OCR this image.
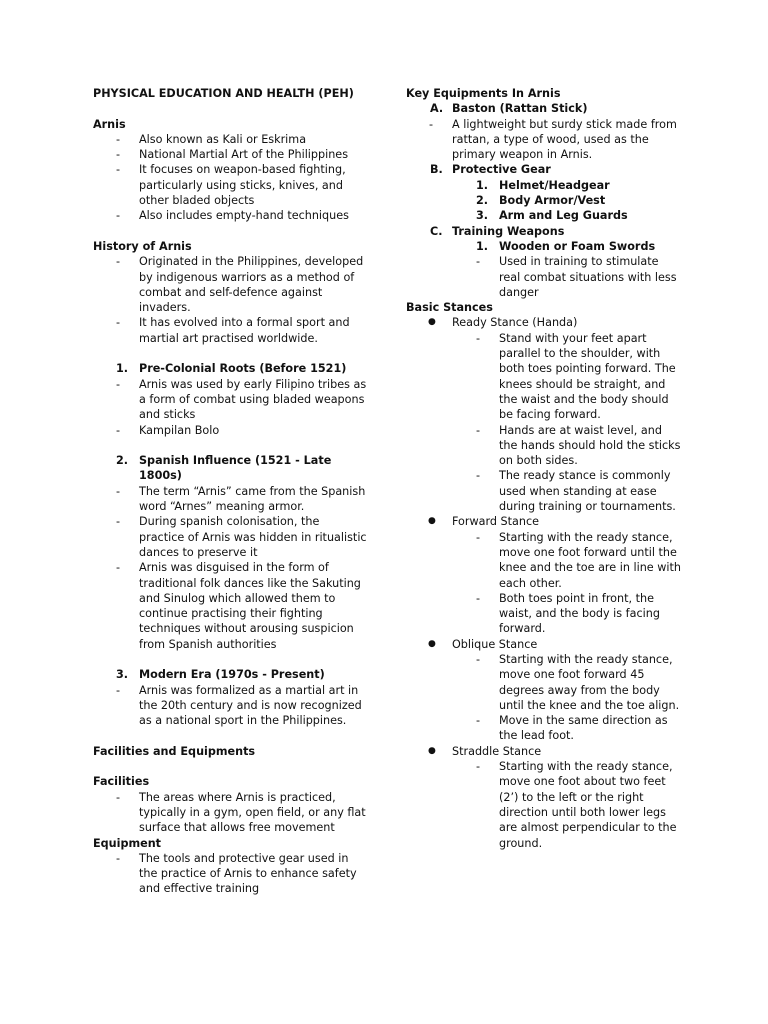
PHYSICAL EDUCATION AND HEALTH (PEH)
Arnis
- Also known as Kali or Eskrima
- National Martial Art of the Philippines
- It focuses on weapon-based fighting, particularly using sticks, knives, and other bladed objects
- Also includes empty-hand techniques
History of Arnis
- Originated in the Philippines, developed by indigenous warriors as a method of combat and self-defence against invaders.
- It has evolved into a formal sport and martial art practised worldwide.
1. Pre-Colonial Roots (Before 1521)
- Arnis was used by early Filipino tribes as a form of combat using bladed weapons and sticks
- Kampilan Bolo
2. Spanish Influence (1521 - Late 1800s)
- The term “Arnis” came from the Spanish word “Arnes” meaning armor.
- During spanish colonisation, the practice of Arnis was hidden in ritualistic dances to preserve it
- Arnis was disguised in the form of traditional folk dances like the Sakuting and Sinulog which allowed them to continue practising their fighting techniques without arousing suspicion from Spanish authorities
3. Modern Era (1970s - Present)
- Arnis was formalized as a martial art in the 20th century and is now recognized as a national sport in the Philippines.
Facilities and Equipments
Facilities
- The areas where Arnis is practiced, typically in a gym, open field, or any flat surface that allows free movement
Equipment
- The tools and protective gear used in the practice of Arnis to enhance safety and effective training
Key Equipments In Arnis
A. Baston (Rattan Stick)
- A lightweight but surdy stick made from rattan, a type of wood, used as the primary weapon in Arnis.
B. Protective Gear
1. Helmet/Headgear
2. Body Armor/Vest
3. Arm and Leg Guards
C. Training Weapons
1. Wooden or Foam Swords
- Used in training to stimulate real combat situations with less danger
Basic Stances
● Ready Stance (Handa)
- Stand with your feet apart parallel to the shoulder, with both toes pointing forward. The knees should be straight, and the waist and the body should be facing forward.
- Hands are at waist level, and the hands should hold the sticks on both sides.
- The ready stance is commonly used when standing at ease during training or tournaments.
● Forward Stance
- Starting with the ready stance, move one foot forward until the knee and the toe are in line with each other.
- Both toes point in front, the waist, and the body is facing forward.
● Oblique Stance
- Starting with the ready stance, move one foot forward 45 degrees away from the body until the knee and the toe align.
- Move in the same direction as the lead foot.
● Straddle Stance
- Starting with the ready stance, move one foot about two feet (2’) to the left or the right direction until both lower legs are almost perpendicular to the ground.
